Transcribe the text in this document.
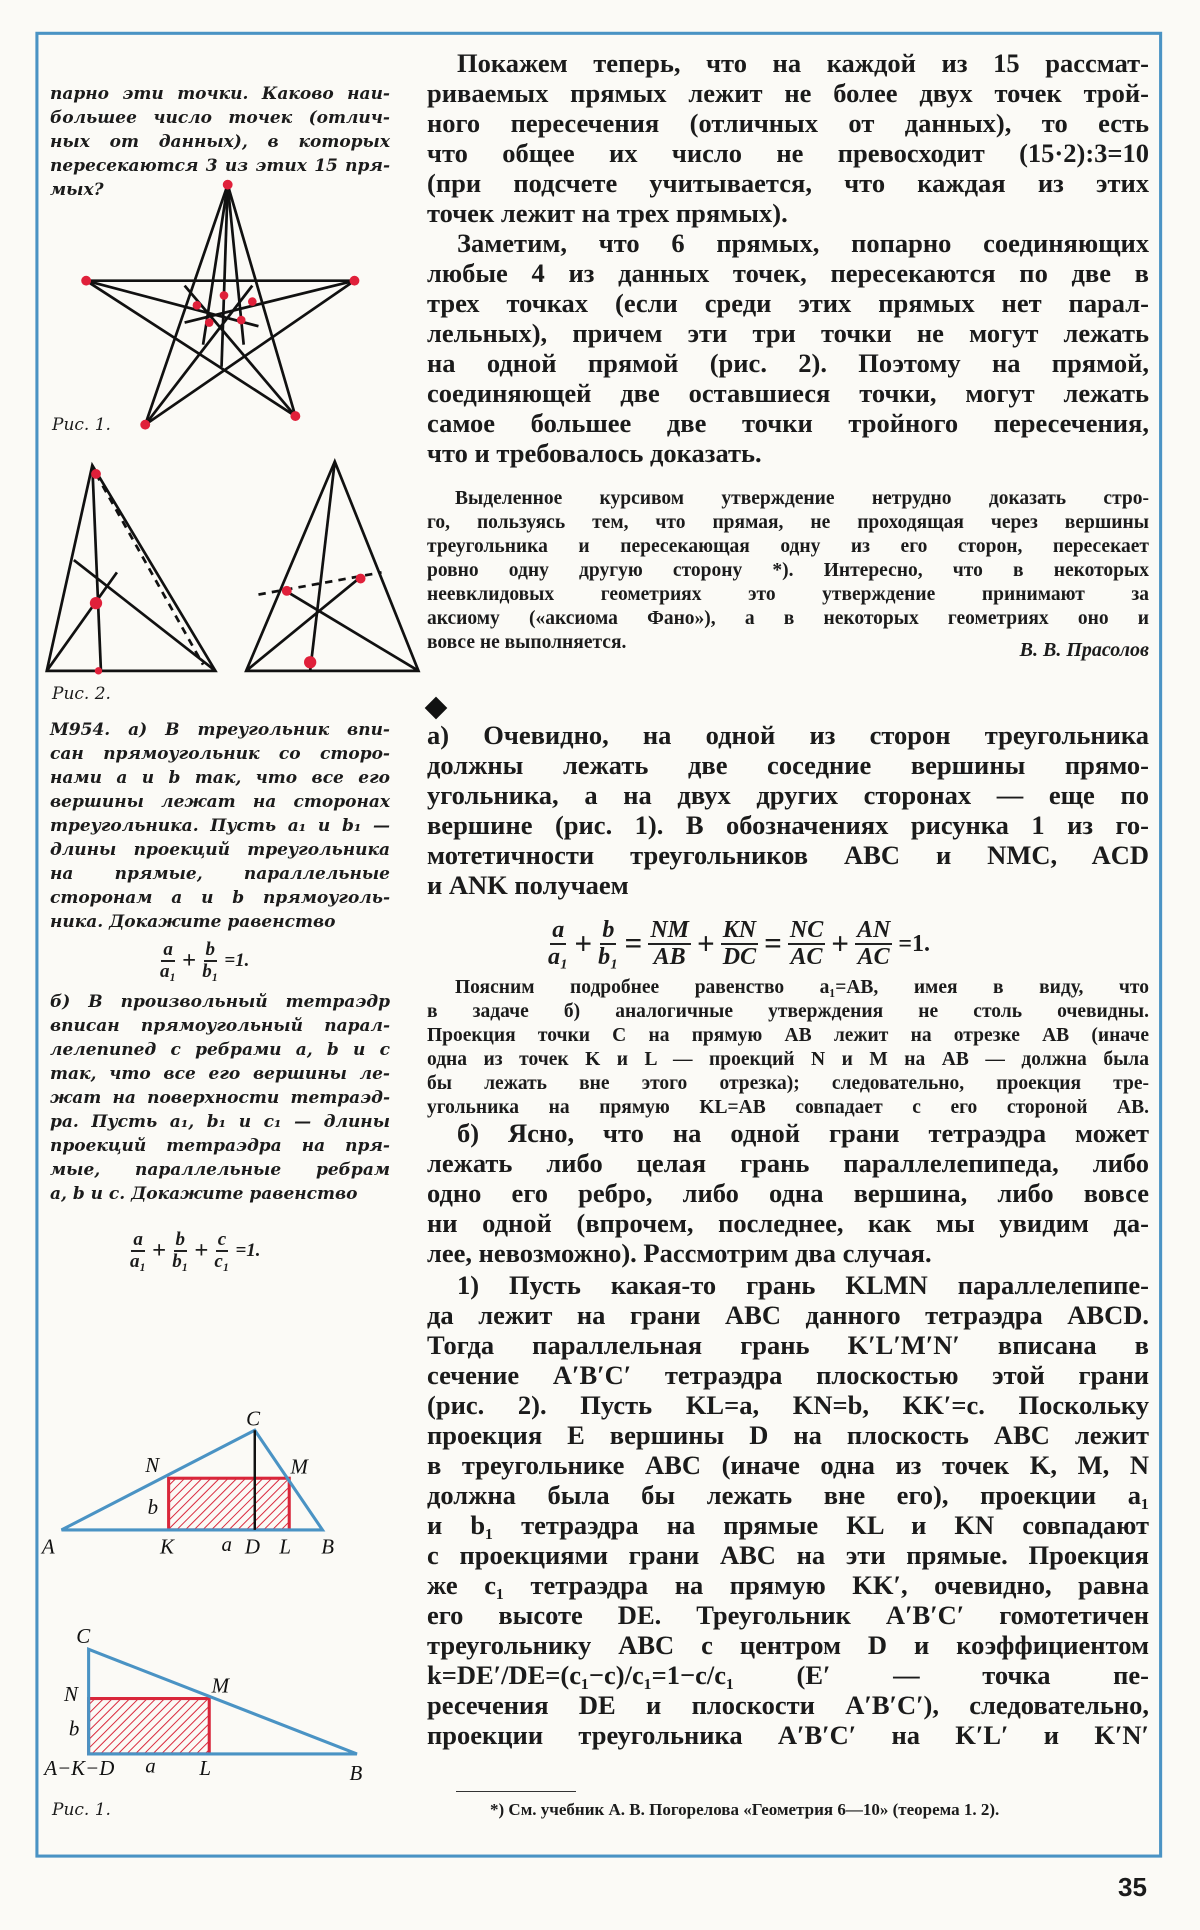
C
N	M
b
A	K	a D L B
C
N	M
b
A−K−D a	L	B
парно эти точки. Каково наи-
большее число точек (отлич-
ных от данных), в которых
пересекаются 3 из этих 15 пря-
мых?
Рис. 1.
Рис. 2.
M954. а) В треугольник впи-
сан прямоугольник со сторо-
нами a и b так, что все его
вершины лежат на сторонах
треугольника. Пусть a₁ и b₁ —
длины проекций треугольника
на прямые, параллельные
сторонам a и b прямоуголь-
ника. Докажите равенство
$\frac{a}{\text{a₁}} + \frac{b}{\text{b₁}} =1$.
б) В произвольный тетраэдр
вписан прямоугольный парал-
лелепипед с ребрами a, b и c
так, что все его вершины ле-
жат на поверхности тетраэд-
ра. Пусть a₁, b₁ и c₁ — длины
проекций тетраэдра на пря-
мые, параллельные ребрам
a, b и c. Докажите равенство
$\frac{a}{\text{a₁}} + \frac{b}{\text{b₁}} + \frac{c}{\text{c₁}} =1$.
Рис. 1.
Покажем теперь, что на каждой из 15 рассмат-
риваемых прямых лежит не более двух точек трой-
ного пересечения (отличных от данных), то есть
что общее их число не превосходит (15·2):3=10
(при подсчете учитывается, что каждая из этих
точек лежит на трех прямых).
Заметим, что 6 прямых, попарно соединяющих
любые 4 из данных точек, пересекаются по две в
трех точках (если среди этих прямых нет парал-
лельных), причем эти три точки не могут лежать
на одной прямой (рис. 2). Поэтому на прямой,
соединяющей две оставшиеся точки, могут лежать
самое большее две точки тройного пересечения,
что и требовалось доказать.
Выделенное курсивом утверждение нетрудно доказать стро-
го, пользуясь тем, что прямая, не проходящая через вершины
треугольника и пересекающая одну из его сторон, пересекает
ровно одну другую сторону *). Интересно, что в некоторых
неевклидовых геометриях это утверждение принимают за
аксиому («аксиома Фано»), а в некоторых геометриях оно и
вовсе не выполняется.	В. В. Прасолов
а) Очевидно, на одной из сторон треугольника
должны лежать две соседние вершины прямо-
угольника, а на двух других сторонах — еще по
вершине (рис. 1). В обозначениях рисунка 1 из го-
мотетичности треугольников ABC и NMC, ACD
и ANK получаем
$\frac{a}{\text{a₁}} + \frac{b}{\text{b₁}} = \frac{NM}{AB} + \frac{KN}{DC} = \frac{NC}{AC} + \frac{AN}{AC} =1$.
Поясним подробнее равенство a₁=AB, имея в виду, что
в задаче б) аналогичные утверждения не столь очевидны.
Проекция точки C на прямую AB лежит на отрезке AB (иначе
одна из точек K и L — проекций N и M на AB — должна была
бы лежать вне этого отрезка); следовательно, проекция тре-
угольника на прямую KL=AB совпадает с его стороной AB.
б) Ясно, что на одной грани тетраэдра может
лежать либо целая грань параллелепипеда, либо
одно его ребро, либо одна вершина, либо вовсе
ни одной (впрочем, последнее, как мы увидим да-
лее, невозможно). Рассмотрим два случая.
1) Пусть какая-то грань KLMN параллелепипе-
да лежит на грани ABC данного тетраэдра ABCD.
Тогда параллельная грань K′L′M′N′ вписана в
сечение A′B′C′ тетраэдра плоскостью этой грани
(рис. 2). Пусть KL=a, KN=b, KK′=c. Поскольку
проекция E вершины D на плоскость ABC лежит
в треугольнике ABC (иначе одна из точек K, M, N
должна была бы лежать вне его), проекции a₁
и b₁ тетраэдра на прямые KL и KN совпадают
с проекциями грани ABC на эти прямые. Проекция
же c₁ тетраэдра на прямую KK′, очевидно, равна
его высоте DE. Треугольник A′B′C′ гомотетичен
треугольнику ABC с центром D и коэффициентом
k=DE′/DE=(c₁−c)/c₁=1−c/c₁ (E′ — точка пе-
ресечения DE и плоскости A′B′C′), следовательно,
проекции треугольника A′B′C′ на K′L′ и K′N′
*) См. учебник А. В. Погорелова «Геометрия 6—10» (теорема 1. 2).
35
